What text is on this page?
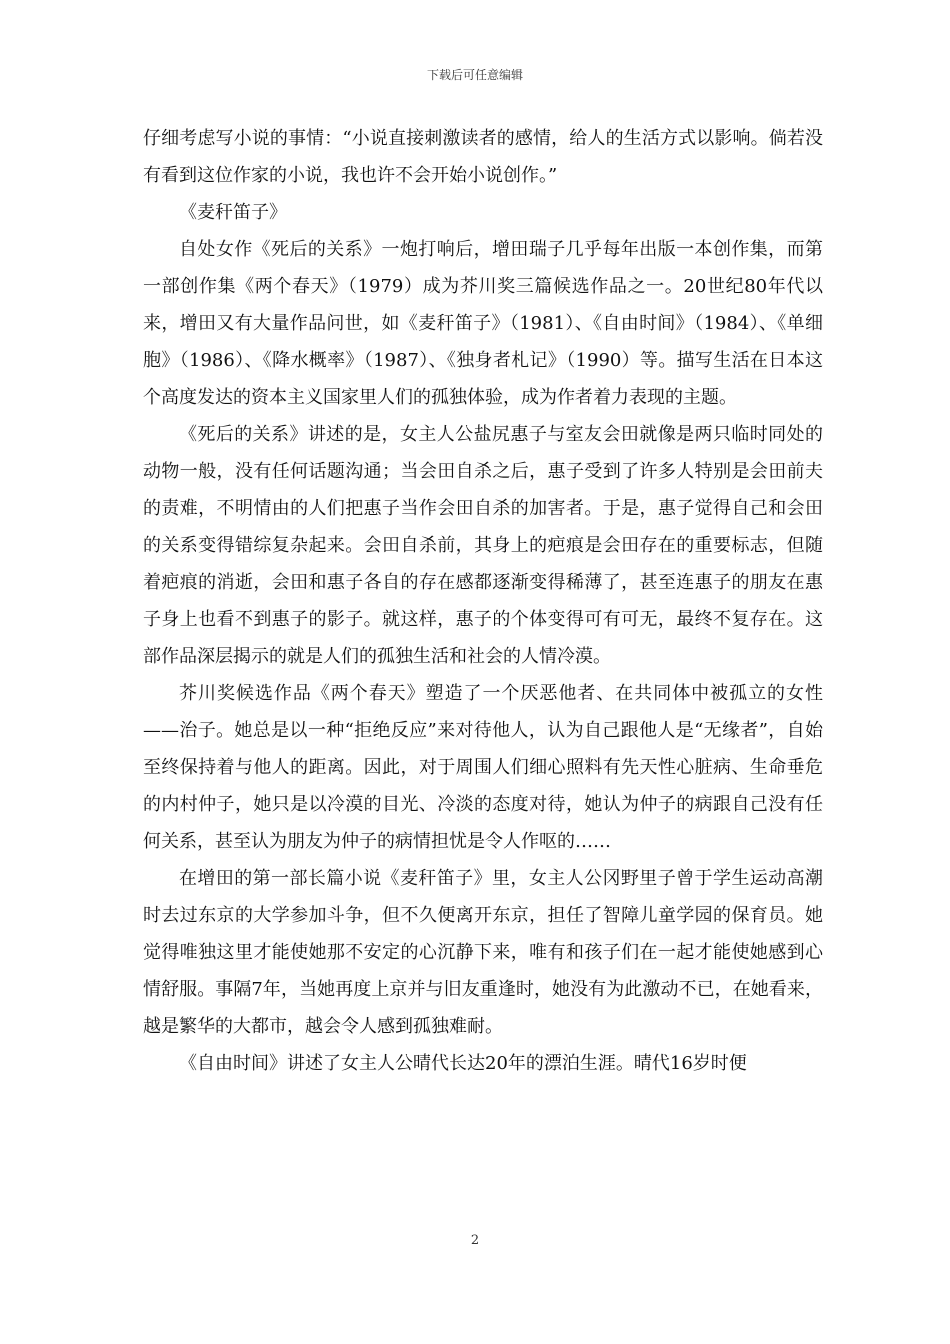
下载后可任意编辑

仔细考虑写小说的事情：“小说直接刺激读者的感情，给人的生活方式以影响。倘若没有看到这位作家的小说，我也许不会开始小说创作。”

《麦秆笛子》

自处女作《死后的关系》一炮打响后，增田瑞子几乎每年出版一本创作集，而第一部创作集《两个春天》（1979）成为芥川奖三篇候选作品之一。20世纪80年代以来，增田又有大量作品问世，如《麦秆笛子》（1981）、《自由时间》（1984）、《单细胞》（1986）、《降水概率》（1987）、《独身者札记》（1990）等。描写生活在日本这个高度发达的资本主义国家里人们的孤独体验，成为作者着力表现的主题。

《死后的关系》讲述的是，女主人公盐尻惠子与室友会田就像是两只临时同处的动物一般，没有任何话题沟通；当会田自杀之后，惠子受到了许多人特别是会田前夫的责难，不明情由的人们把惠子当作会田自杀的加害者。于是，惠子觉得自己和会田的关系变得错综复杂起来。会田自杀前，其身上的疤痕是会田存在的重要标志，但随着疤痕的消逝，会田和惠子各自的存在感都逐渐变得稀薄了，甚至连惠子的朋友在惠子身上也看不到惠子的影子。就这样，惠子的个体变得可有可无，最终不复存在。这部作品深层揭示的就是人们的孤独生活和社会的人情冷漠。

芥川奖候选作品《两个春天》塑造了一个厌恶他者、在共同体中被孤立的女性——治子。她总是以一种“拒绝反应”来对待他人，认为自己跟他人是“无缘者”，自始至终保持着与他人的距离。因此，对于周围人们细心照料有先天性心脏病、生命垂危的内村仲子，她只是以冷漠的目光、冷淡的态度对待，她认为仲子的病跟自己没有任何关系，甚至认为朋友为仲子的病情担忧是令人作呕的……

在增田的第一部长篇小说《麦秆笛子》里，女主人公冈野里子曾于学生运动高潮时去过东京的大学参加斗争，但不久便离开东京，担任了智障儿童学园的保育员。她觉得唯独这里才能使她那不安定的心沉静下来，唯有和孩子们在一起才能使她感到心情舒服。事隔7年，当她再度上京并与旧友重逢时，她没有为此激动不已，在她看来，越是繁华的大都市，越会令人感到孤独难耐。

《自由时间》讲述了女主人公晴代长达20年的漂泊生涯。晴代16岁时便

2
